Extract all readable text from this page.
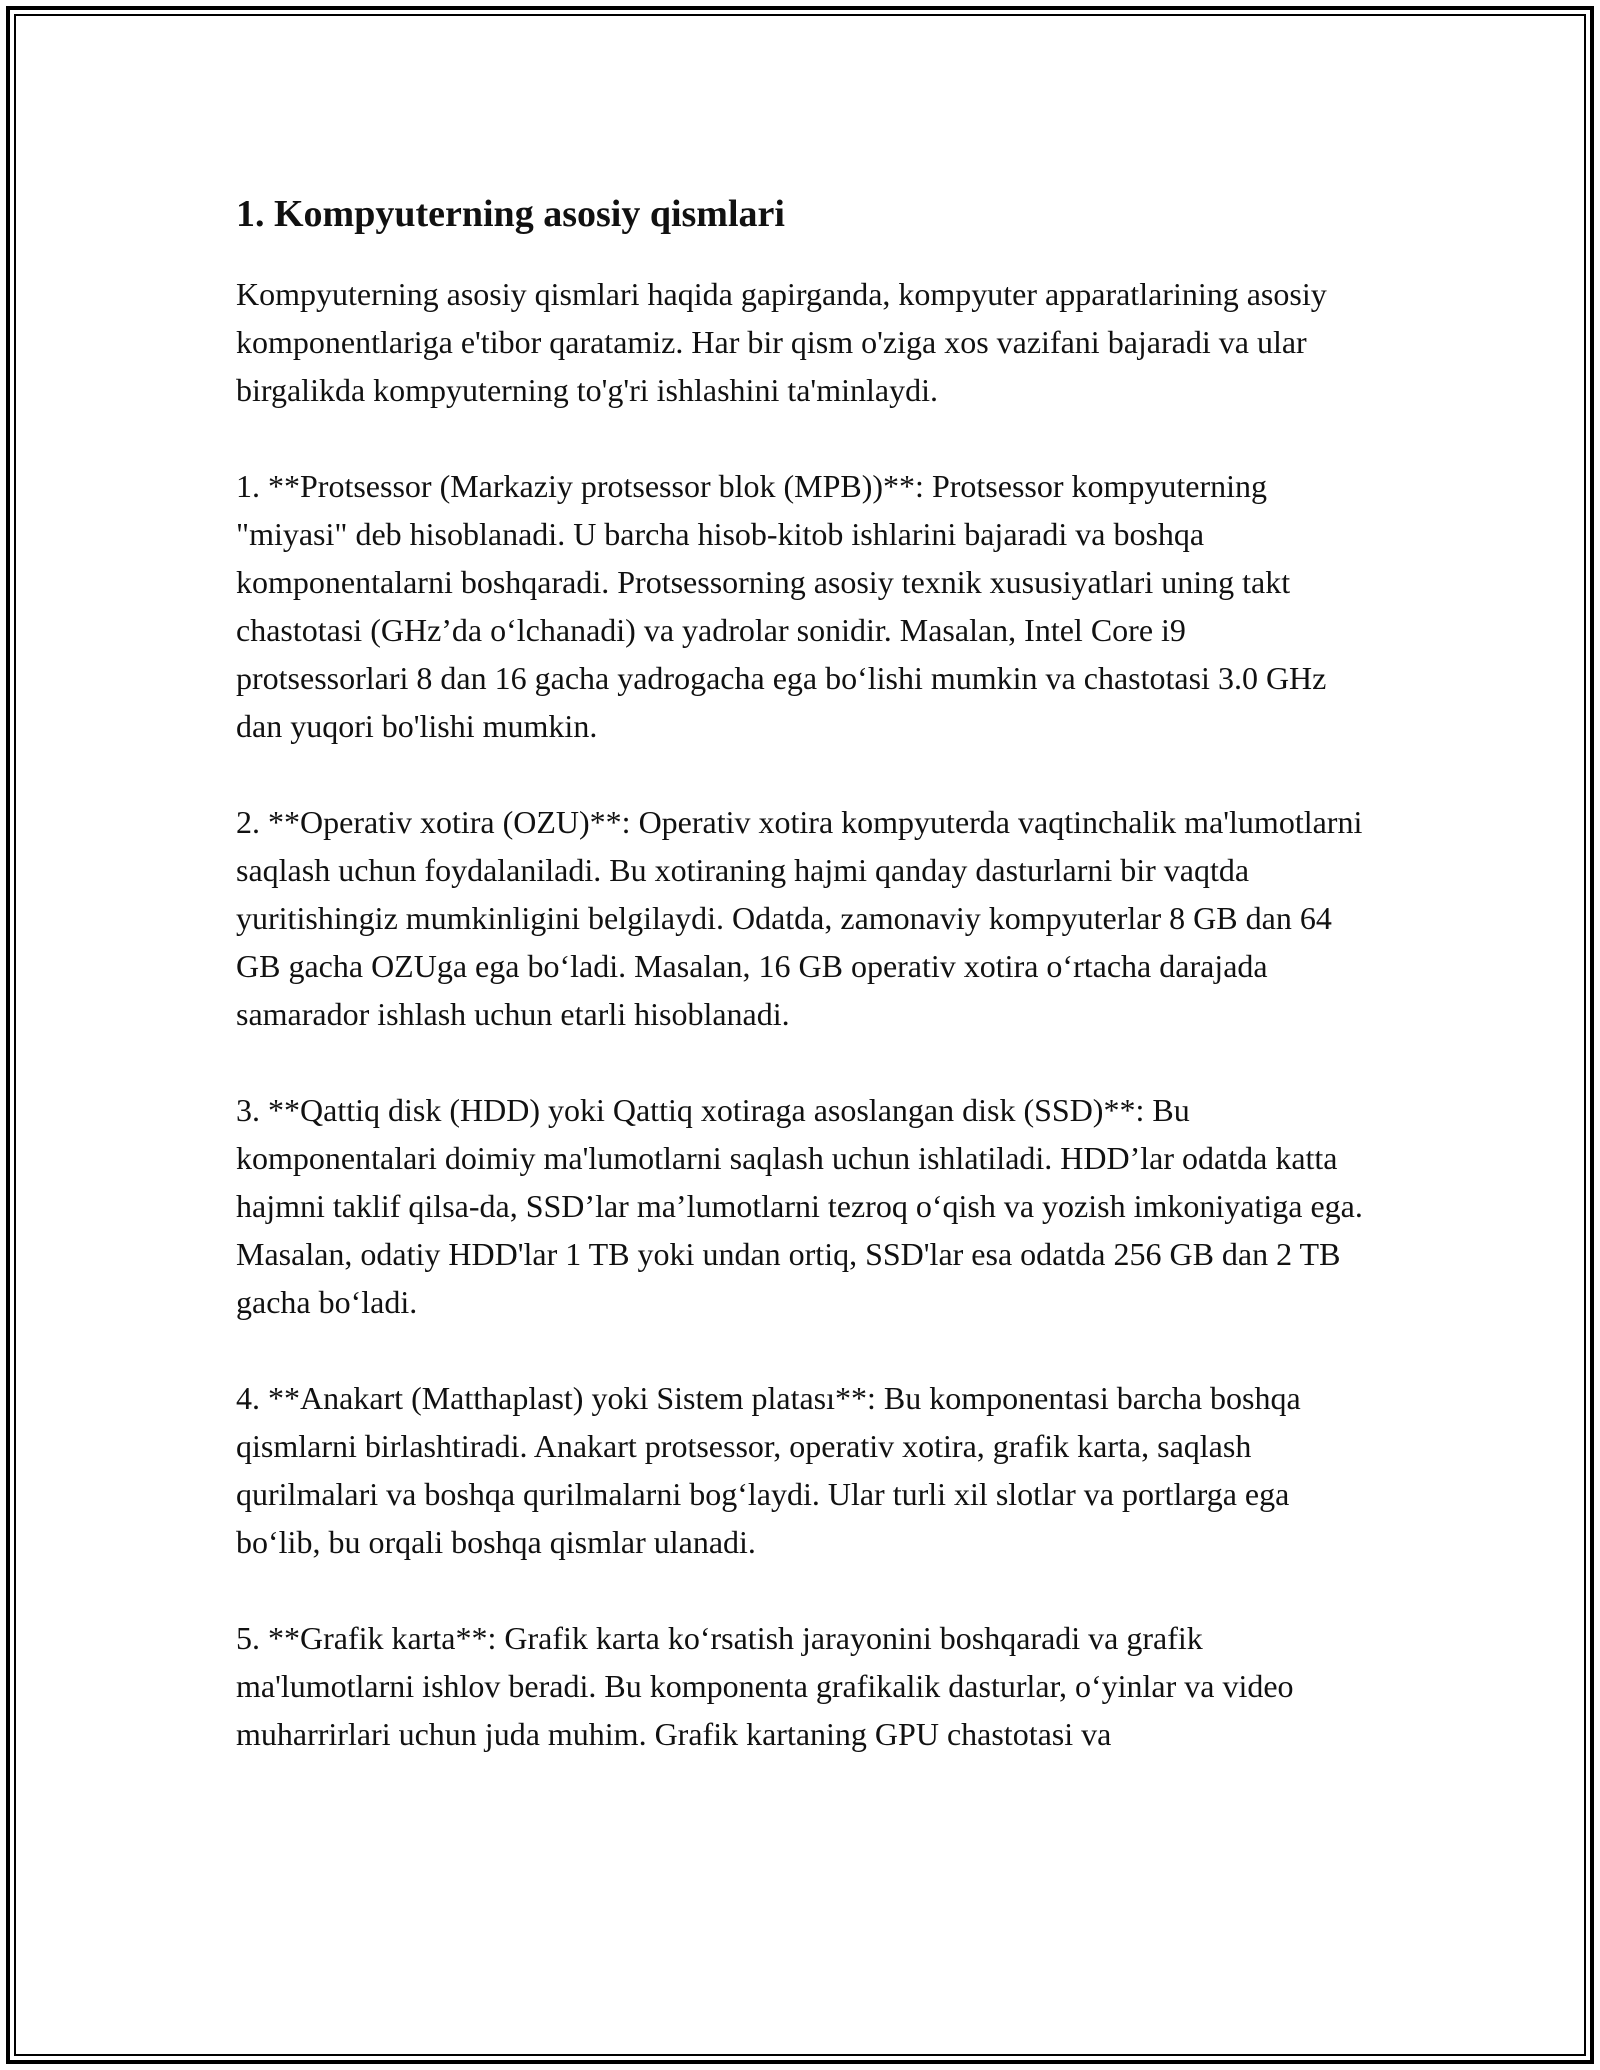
1. Kompyuterning asosiy qismlari

Kompyuterning asosiy qismlari haqida gapirganda, kompyuter apparatlarining asosiy komponentlariga e'tibor qaratamiz. Har bir qism o'ziga xos vazifani bajaradi va ular birgalikda kompyuterning to'g'ri ishlashini ta'minlaydi.

1. **Protsessor (Markaziy protsessor blok (MPB))**: Protsessor kompyuterning "miyasi" deb hisoblanadi. U barcha hisob-kitob ishlarini bajaradi va boshqa komponentalarni boshqaradi. Protsessorning asosiy texnik xususiyatlari uning takt chastotasi (GHz’da o‘lchanadi) va yadrolar sonidir. Masalan, Intel Core i9 protsessorlari 8 dan 16 gacha yadrogacha ega bo‘lishi mumkin va chastotasi 3.0 GHz dan yuqori bo'lishi mumkin.

2. **Operativ xotira (OZU)**: Operativ xotira kompyuterda vaqtinchalik ma'lumotlarni saqlash uchun foydalaniladi. Bu xotiraning hajmi qanday dasturlarni bir vaqtda yuritishingiz mumkinligini belgilaydi. Odatda, zamonaviy kompyuterlar 8 GB dan 64 GB gacha OZUga ega bo‘ladi. Masalan, 16 GB operativ xotira o‘rtacha darajada samarador ishlash uchun etarli hisoblanadi.

3. **Qattiq disk (HDD) yoki Qattiq xotiraga asoslangan disk (SSD)**: Bu komponentalari doimiy ma'lumotlarni saqlash uchun ishlatiladi. HDD’lar odatda katta hajmni taklif qilsa-da, SSD’lar ma’lumotlarni tezroq o‘qish va yozish imkoniyatiga ega. Masalan, odatiy HDD'lar 1 TB yoki undan ortiq, SSD'lar esa odatda 256 GB dan 2 TB gacha bo‘ladi.

4. **Anakart (Matthaplast) yoki Sistem platası**: Bu komponentasi barcha boshqa qismlarni birlashtiradi. Anakart protsessor, operativ xotira, grafik karta, saqlash qurilmalari va boshqa qurilmalarni bog‘laydi. Ular turli xil slotlar va portlarga ega bo‘lib, bu orqali boshqa qismlar ulanadi.

5. **Grafik karta**: Grafik karta ko‘rsatish jarayonini boshqaradi va grafik ma'lumotlarni ishlov beradi. Bu komponenta grafikalik dasturlar, o‘yinlar va video muharrirlari uchun juda muhim. Grafik kartaning GPU chastotasi va
